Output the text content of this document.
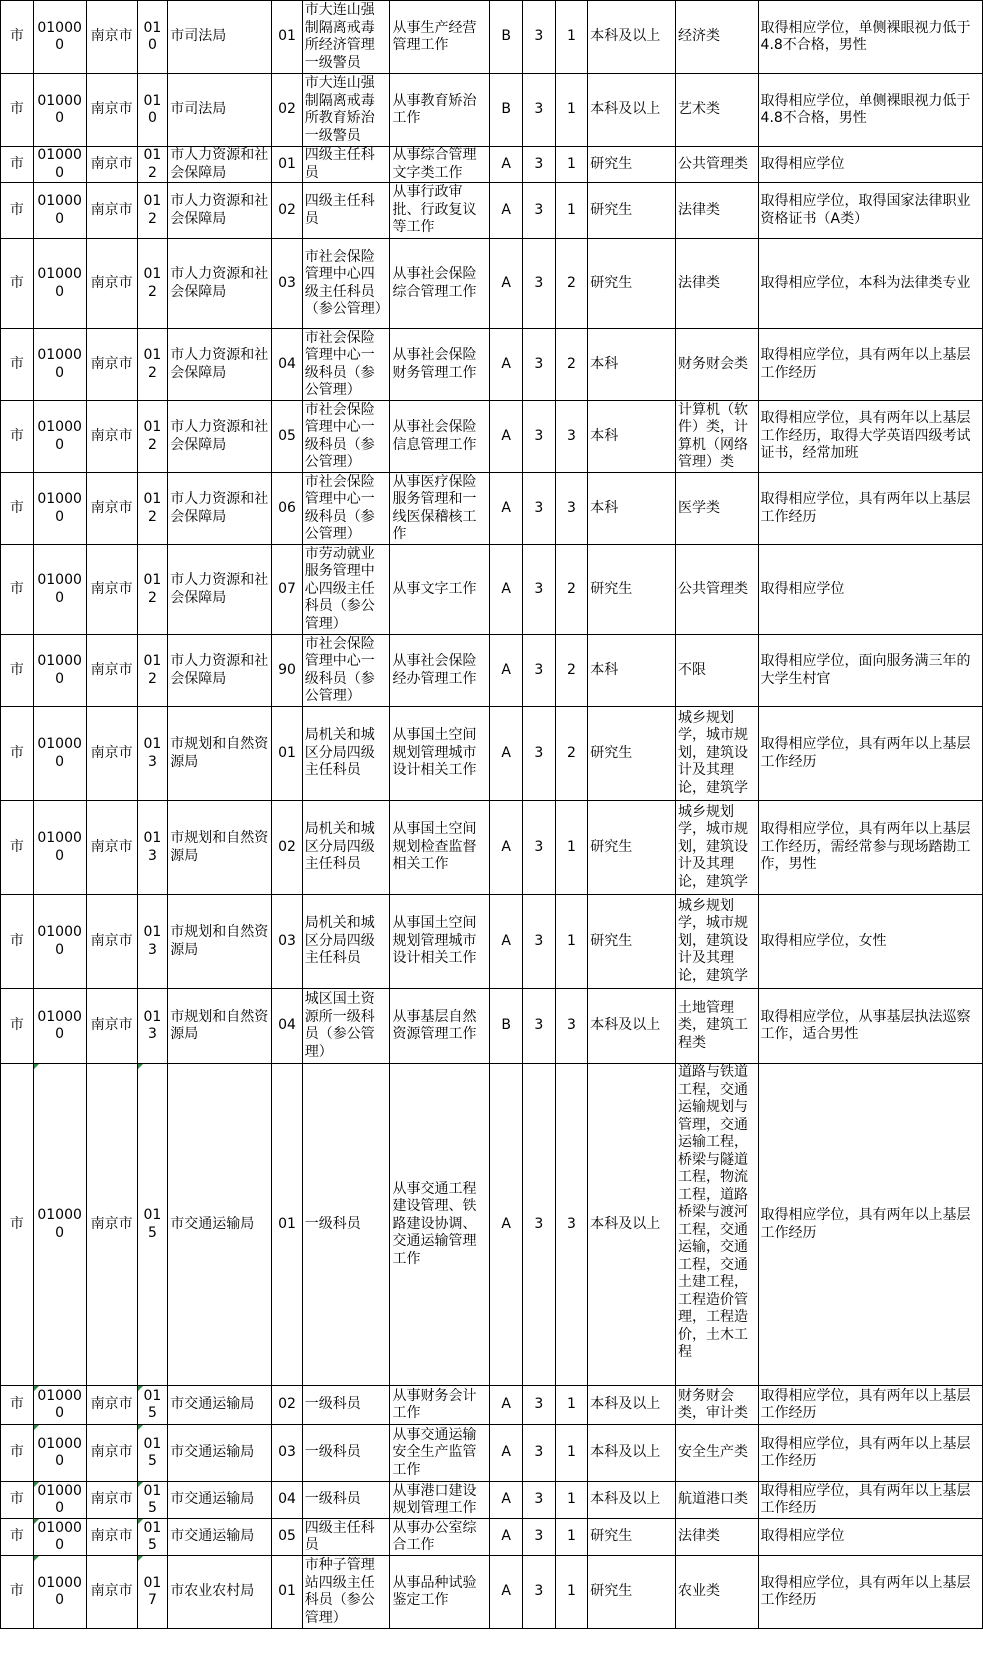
市	010000	南京市	010	市司法局	01	市大连山强制隔离戒毒所经济管理一级警员	从事生产经营管理工作	B	3	1	本科及以上	经济类	取得相应学位，单侧裸眼视力低于4.8不合格，男性
市	010000	南京市	010	市司法局	02	市大连山强制隔离戒毒所教育矫治一级警员	从事教育矫治工作	B	3	1	本科及以上	艺术类	取得相应学位，单侧裸眼视力低于4.8不合格，男性
市	010000	南京市	012	市人力资源和社会保障局	01	四级主任科员	从事综合管理文字类工作	A	3	1	研究生	公共管理类	取得相应学位
市	010000	南京市	012	市人力资源和社会保障局	02	四级主任科员	从事行政审批、行政复议等工作	A	3	1	研究生	法律类	取得相应学位，取得国家法律职业资格证书（A类）
市	010000	南京市	012	市人力资源和社会保障局	03	市社会保险管理中心四级主任科员（参公管理）	从事社会保险综合管理工作	A	3	2	研究生	法律类	取得相应学位，本科为法律类专业
市	010000	南京市	012	市人力资源和社会保障局	04	市社会保险管理中心一级科员（参公管理）	从事社会保险财务管理工作	A	3	2	本科	财务财会类	取得相应学位，具有两年以上基层工作经历
市	010000	南京市	012	市人力资源和社会保障局	05	市社会保险管理中心一级科员（参公管理）	从事社会保险信息管理工作	A	3	3	本科	计算机（软件）类，计算机（网络管理）类	取得相应学位，具有两年以上基层工作经历，取得大学英语四级考试证书，经常加班
市	010000	南京市	012	市人力资源和社会保障局	06	市社会保险管理中心一级科员（参公管理）	从事医疗保险服务管理和一线医保稽核工作	A	3	3	本科	医学类	取得相应学位，具有两年以上基层工作经历
市	010000	南京市	012	市人力资源和社会保障局	07	市劳动就业服务管理中心四级主任科员（参公管理）	从事文字工作	A	3	2	研究生	公共管理类	取得相应学位
市	010000	南京市	012	市人力资源和社会保障局	90	市社会保险管理中心一级科员（参公管理）	从事社会保险经办管理工作	A	3	2	本科	不限	取得相应学位，面向服务满三年的大学生村官
市	010000	南京市	013	市规划和自然资源局	01	局机关和城区分局四级主任科员	从事国土空间规划管理城市设计相关工作	A	3	2	研究生	城乡规划学，城市规划，建筑设计及其理论，建筑学	取得相应学位，具有两年以上基层工作经历
市	010000	南京市	013	市规划和自然资源局	02	局机关和城区分局四级主任科员	从事国土空间规划检查监督相关工作	A	3	1	研究生	城乡规划学，城市规划，建筑设计及其理论，建筑学	取得相应学位，具有两年以上基层工作经历，需经常参与现场踏勘工作，男性
市	010000	南京市	013	市规划和自然资源局	03	局机关和城区分局四级主任科员	从事国土空间规划管理城市设计相关工作	A	3	1	研究生	城乡规划学，城市规划，建筑设计及其理论，建筑学	取得相应学位，女性
市	010000	南京市	013	市规划和自然资源局	04	城区国土资源所一级科员（参公管理）	从事基层自然资源管理工作	B	3	3	本科及以上	土地管理类，建筑工程类	取得相应学位，从事基层执法巡察工作，适合男性
市	010000	南京市	015	市交通运输局	01	一级科员	从事交通工程建设管理、铁路建设协调、交通运输管理工作	A	3	3	本科及以上	道路与铁道工程，交通运输规划与管理，交通运输工程，桥梁与隧道工程，物流工程，道路桥梁与渡河工程，交通运输，交通工程，交通土建工程，工程造价管理，工程造价，土木工程	取得相应学位，具有两年以上基层工作经历
市	010000	南京市	015	市交通运输局	02	一级科员	从事财务会计工作	A	3	1	本科及以上	财务财会类，审计类	取得相应学位，具有两年以上基层工作经历
市	010000	南京市	015	市交通运输局	03	一级科员	从事交通运输安全生产监管工作	A	3	1	本科及以上	安全生产类	取得相应学位，具有两年以上基层工作经历
市	010000	南京市	015	市交通运输局	04	一级科员	从事港口建设规划管理工作	A	3	1	本科及以上	航道港口类	取得相应学位，具有两年以上基层工作经历
市	010000	南京市	015	市交通运输局	05	四级主任科员	从事办公室综合工作	A	3	1	研究生	法律类	取得相应学位
市	010000	南京市	017	市农业农村局	01	市种子管理站四级主任科员（参公管理）	从事品种试验鉴定工作	A	3	1	研究生	农业类	取得相应学位，具有两年以上基层工作经历
